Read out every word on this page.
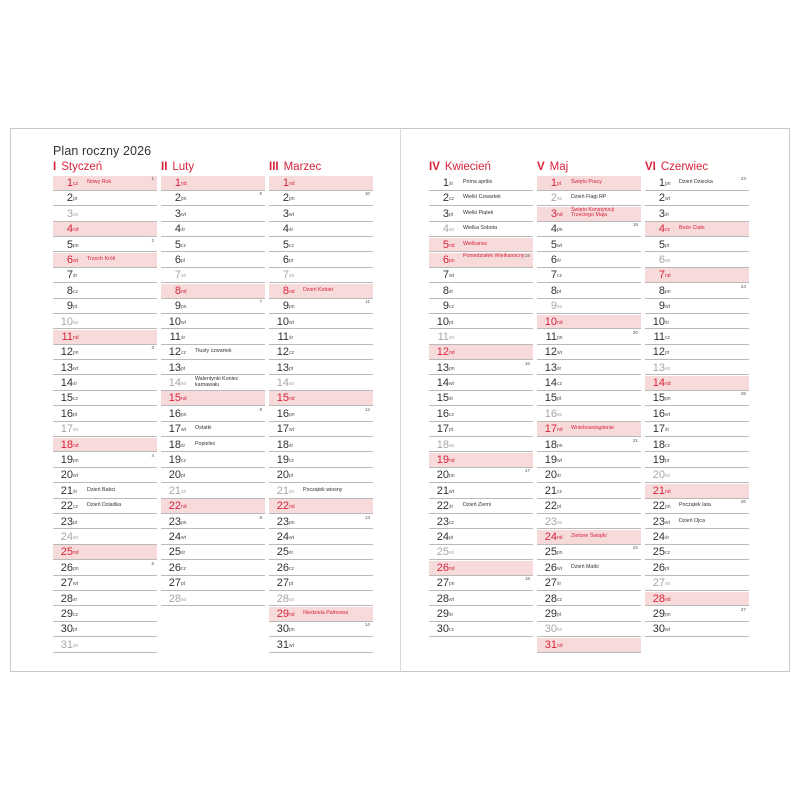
Plan roczny 2026
I Styczeń
1 cz Nowy Rok
1
2 pt
3 so
4 nd
5 pn
2
6 wt Trzech Króli
7 śr
8 cz
9 pt
10 so
11 nd
12 pn
3
13 wt
14 śr
15 cz
16 pt
17 so
18 nd
19 pn
4
20 wt
21 śr Dzień Babci
22 cz Dzień Dziadka
23 pt
24 so
25 nd
26 pn
5
27 wt
28 śr
29 cz
30 pt
31 so
II Luty
1 nd
2 pn
6
3 wt
4 śr
5 cz
6 pt
7 so
8 nd
9 pn
7
10 wt
11 śr
12 cz Tłusty czwartek
13 pt
14 so
Walentynki Koniec karnawału
15 nd
16 pn
8
17 wt Ostatki
18 śr Popielec
19 cz
20 pt
21 so
22 nd
23 pn
9
24 wt
25 śr
26 cz
27 pt
28 so
III Marzec
1 nd
2 pn
10
3 wt
4 śr
5 cz
6 pt
7 so
8 nd Dzień Kobiet
9 pn
11
10 wt
11 śr
12 cz
13 pt
14 so
15 nd
16 pn
12
17 wt
18 śr
19 cz
20 pt
21 so Początek wiosny
22 nd
23 pn
13
24 wt
25 śr
26 cz
27 pt
28 so
29 nd Niedziela Palmowa
30 pn
14
31 wt
IV Kwiecień
1 śr Prima aprilis
2 cz Wielki Czwartek
3 pt Wielki Piątek
4 so Wielka Sobota
5 nd Wielkanoc
6 pn
Poniedziałek Wielkanocny 15
7 wt
8 śr
9 cz
10 pt
11 so
12 nd
13 pn
16
14 wt
15 śr
16 cz
17 pt
18 so
19 nd
20 pn
17
21 wt
22 śr Dzień Ziemi
23 cz
24 pt
25 so
26 nd
27 pn
18
28 wt
29 śr
30 cz
V Maj
1 pt Święto Pracy
2 so Dzień Flagi RP
3 nd
Święto Konstytucji Trzeciego Maja
4 pn
19
5 wt
6 śr
7 cz
8 pt
9 so
10 nd
11 pn
20
12 wt
13 śr
14 cz
15 pt
16 so
17 nd Wniebowstąpienie
18 pn
21
19 wt
20 śr
21 cz
22 pt
23 so
24 nd Zielone Świątki
25 pn
22
26 wt Dzień Matki
27 śr
28 cz
29 pt
30 so
31 nd
VI Czerwiec
1 pn Dzień Dziecka
23
2 wt
3 śr
4 cz Boże Ciało
5 pt
6 so
7 nd
8 pn
24
9 wt
10 śr
11 cz
12 pt
13 so
14 nd
15 pn
25
16 wt
17 śr
18 cz
19 pt
20 so
21 nd
22 pn Początek lata
26
23 wt Dzień Ojca
24 śr
25 cz
26 pt
27 so
28 nd
29 pn
27
30 wt
